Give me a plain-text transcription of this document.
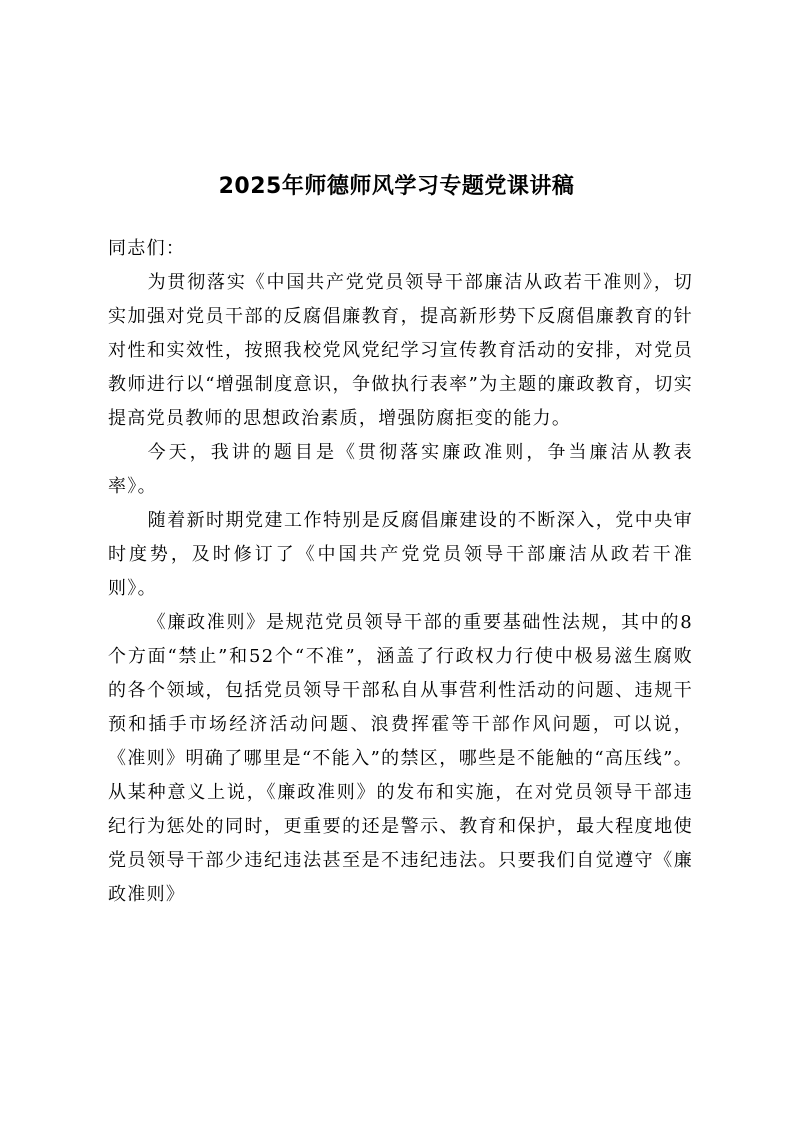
2025年师德师风学习专题党课讲稿

同志们：

为贯彻落实《中国共产党党员领导干部廉洁从政若干准则》，切实加强对党员干部的反腐倡廉教育，提高新形势下反腐倡廉教育的针对性和实效性，按照我校党风党纪学习宣传教育活动的安排，对党员教师进行以“增强制度意识，争做执行表率”为主题的廉政教育，切实提高党员教师的思想政治素质，增强防腐拒变的能力。

今天，我讲的题目是《贯彻落实廉政准则，争当廉洁从教表率》。

随着新时期党建工作特别是反腐倡廉建设的不断深入，党中央审时度势，及时修订了《中国共产党党员领导干部廉洁从政若干准则》。

《廉政准则》是规范党员领导干部的重要基础性法规，其中的8个方面“禁止”和52个“不准”，涵盖了行政权力行使中极易滋生腐败的各个领域，包括党员领导干部私自从事营利性活动的问题、违规干预和插手市场经济活动问题、浪费挥霍等干部作风问题，可以说，《准则》明确了哪里是“不能入”的禁区，哪些是不能触的“高压线”。从某种意义上说，《廉政准则》的发布和实施，在对党员领导干部违纪行为惩处的同时，更重要的还是警示、教育和保护，最大程度地使党员领导干部少违纪违法甚至是不违纪违法。只要我们自觉遵守《廉政准则》
